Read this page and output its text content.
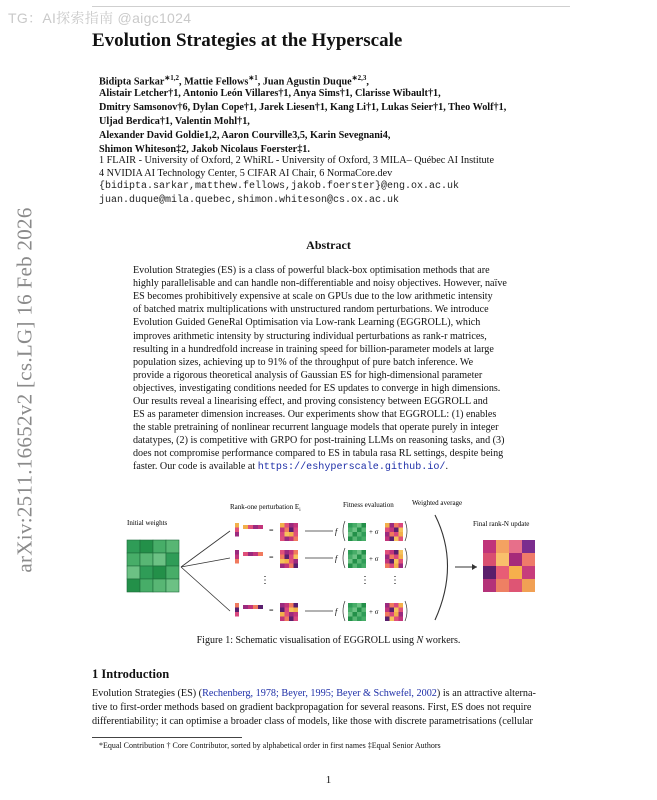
TG：AI探索指南 @aigc1024
arXiv:2511.16652v2 [cs.LG] 16 Feb 2026
Evolution Strategies at the Hyperscale
Bidipta Sarkar$^{∗1,2}$, Mattie Fellows$^{∗1}$, Juan Agustin Duque$^{∗2,3}$,
Alistair Letcher†1, Antonio León Villares†1, Anya Sims†1, Clarisse Wibault†1,
Dmitry Samsonov†6, Dylan Cope†1, Jarek Liesen†1, Kang Li†1, Lukas Seier†1, Theo Wolf†1,
Uljad Berdica†1, Valentin Mohl†1,
Alexander David Goldie1,2, Aaron Courville3,5, Karin Sevegnani4,
Shimon Whiteson‡2, Jakob Nicolaus Foerster‡1.
1 FLAIR - University of Oxford, 2 WhiRL - University of Oxford, 3 MILA– Québec AI Institute
4 NVIDIA AI Technology Center, 5 CIFAR AI Chair, 6 NormaCore.dev
{bidipta.sarkar,matthew.fellows,jakob.foerster}@eng.ox.ac.uk
juan.duque@mila.quebec,shimon.whiteson@cs.ox.ac.uk
Abstract
Evolution Strategies (ES) is a class of powerful black-box optimisation methods that are
highly parallelisable and can handle non-differentiable and noisy objectives. However, naïve
ES becomes prohibitively expensive at scale on GPUs due to the low arithmetic intensity
of batched matrix multiplications with unstructured random perturbations. We introduce
Evolution Guided GeneRal Optimisation via Low-rank Learning (EGGROLL), which
improves arithmetic intensity by structuring individual perturbations as rank-r matrices,
resulting in a hundredfold increase in training speed for billion-parameter models at large
population sizes, achieving up to 91% of the throughput of pure batch inference. We
provide a rigorous theoretical analysis of Gaussian ES for high-dimensional parameter
objectives, investigating conditions needed for ES updates to converge in high dimensions.
Our results reveal a linearising effect, and proving consistency between EGGROLL and
ES as parameter dimension increases. Our experiments show that EGGROLL: (1) enables
the stable pretraining of nonlinear recurrent language models that operate purely in integer
datatypes, (2) is competitive with GRPO for post-training LLMs on reasoning tasks, and (3)
does not compromise performance compared to ES in tabula rasa RL settings, despite being
faster. Our code is available at https://eshyperscale.github.io/.
Initial weights
Rank-one perturbation $E_i$
Fitness evaluation	Weighted average
Final rank-N update
=	f	+ σ
=	f	+ σ
=	f	+ σ
⋮	⋮ ⋮
Figure 1: Schematic visualisation of EGGROLL using N workers.
1 Introduction
Evolution Strategies (ES) (Rechenberg, 1978; Beyer, 1995; Beyer & Schwefel, 2002) is an attractive alterna-
tive to first-order methods based on gradient backpropagation for several reasons. First, ES does not require
differentiability; it can optimise a broader class of models, like those with discrete parametrisations (cellular
*Equal Contribution † Core Contributor, sorted by alphabetical order in first names ‡Equal Senior Authors
1
